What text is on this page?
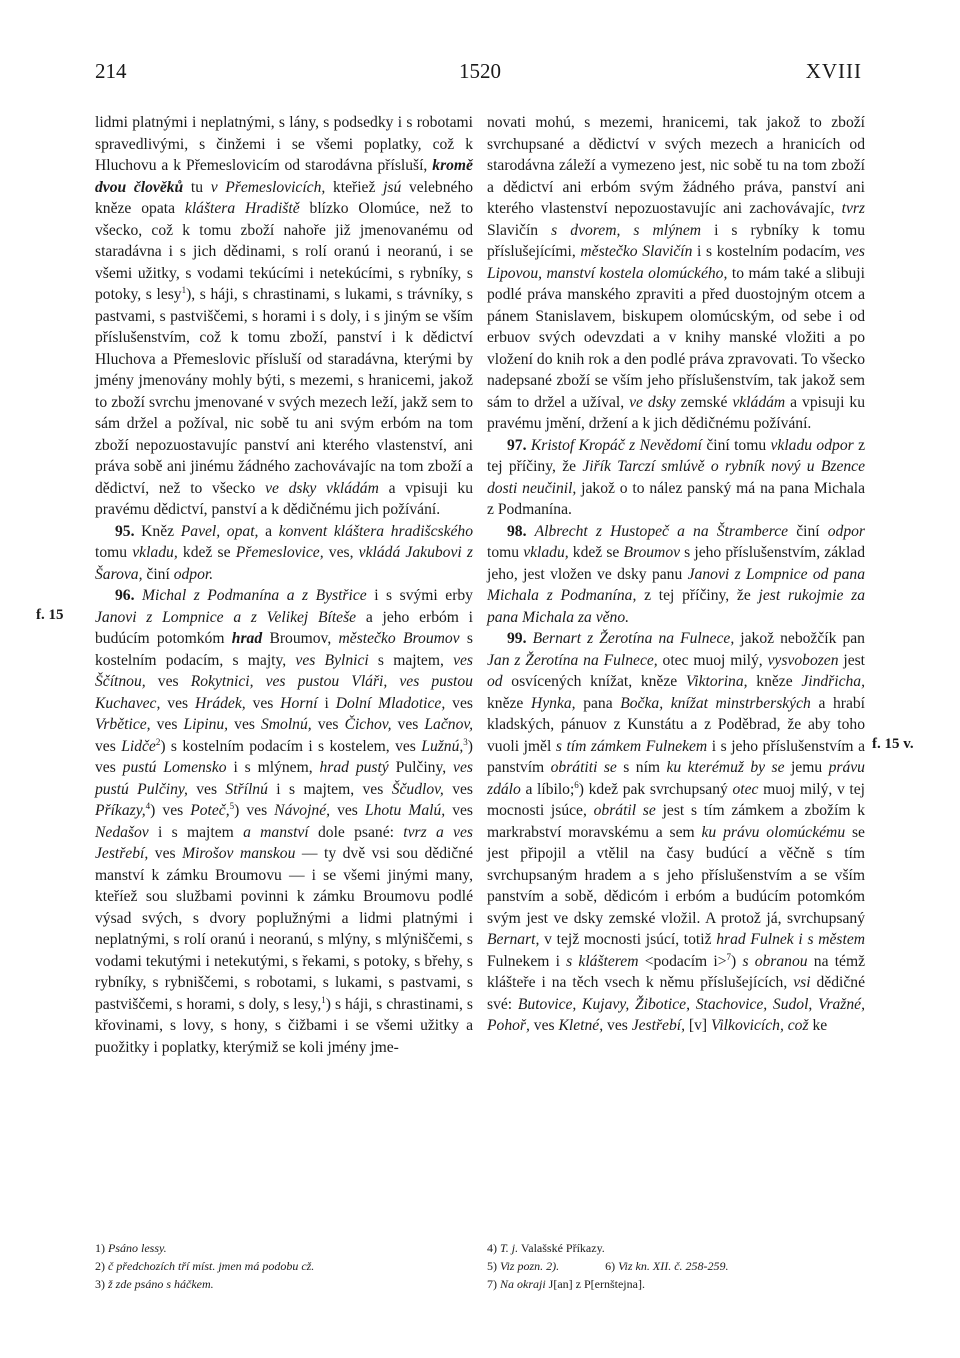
214	1520	XVIII
f. 15
f. 15 v.

lidmi platnými i neplatnými, s lány, s podsedky i s robotami spravedlivými, s činžemi i se všemi poplatky, což k Hluchovu a k Přemeslovicím od starodávna přísluší, kromě dvou člověků tu v Přemeslovicích, kteřiež jsú velebného kněze opata kláštera Hradiště blízko Olomúce, než to všecko, což k tomu zboží nahoře již jmenovanému od staradávna i s jich dědinami, s rolí oranú i neoranú, i se všemi užitky, s vodami tekúcími i netekúcími, s rybníky, s potoky, s lesy$^1$), s háji, s chrastinami, s lukami, s trávníky, s pastvami, s pastviščemi, s horami i s doly, i s jiným se vším příslušenstvím, což k tomu zboží, panství i k dědictví Hluchova a Přemeslovic přísluší od staradávna, kterými by jmény jmenovány mohly býti, s mezemi, s hranicemi, jakož to zboží svrchu jmenované v svých mezech leží, jakž sem to sám držel a požíval, nic sobě tu ani svým erbóm na tom zboží nepozuostavujíc panství ani kterého vlastenství, ani práva sobě ani jinému žádného zachovávajíc na tom zboží a dědictví, než to všecko ve dsky vkládám a vpisuji ku pravému dědictví, panství a k dědičnému jich požívání.

95. Kněz Pavel, opat, a konvent kláštera hradišcského tomu vkladu, kdež se Přemeslovice, ves, vkládá Jakubovi z Šarova, činí odpor.

96. Michal z Podmanína a z Bystřice i s svými erby Janovi z Lompnice a z Velikej Bíteše a jeho erbóm i budúcím potomkóm hrad Broumov, městečko Broumov s kostelním podacím, s majty, ves Bylnici s majtem, ves Ščítnou, ves Rokytnici, ves pustou Vláři, ves pustou Kuchavec, ves Hrádek, ves Horní i Dolní Mladotice, ves Vrbětice, ves Lipinu, ves Smolnú, ves Čichov, ves Lačnov, ves Lidče$^2$) s kostelním podacím i s kostelem, ves Lužnú,$^3$) ves pustú Lomensko i s mlýnem, hrad pustý Pulčiny, ves pustú Pulčiny, ves Střílnú i s majtem, ves Ščudlov, ves Příkazy,$^4$) ves Poteč,$^5$) ves Návojné, ves Lhotu Malú, ves Nedašov i s majtem a manství dole psané: tvrz a ves Jestřebí, ves Mirošov manskou — ty dvě vsi sou dědičné manství k zámku Broumovu — i se všemi jinými many, kteříež sou službami povinni k zámku Broumovu podlé výsad svých, s dvory poplužnými a lidmi platnými i neplatnými, s rolí oranú i neoranú, s mlýny, s mlýniščemi, s vodami tekutými i netekutými, s řekami, s potoky, s břehy, s rybníky, s rybniščemi, s robotami, s lukami, s pastvami, s pastviščemi, s horami, s doly, s lesy,$^1$) s háji, s chrastinami, s křovinami, s lovy, s hony, s čižbami i se všemi užitky a puožitky i poplatky, kterýmiž se koli jmény jme-

novati mohú, s mezemi, hranicemi, tak jakož to zboží svrchupsané a dědictví v svých mezech a hranicích od starodávna záleží a vymezeno jest, nic sobě tu na tom zboží a dědictví ani erbóm svým žádného práva, panství ani kterého vlastenství nepozuostavujíc ani zachovávajíc, tvrz Slavičín s dvorem, s mlýnem i s rybníky k tomu příslušejícími, městečko Slavičín i s kostelním podacím, ves Lipovou, manství kostela olomúckého, to mám také a slibuji podlé práva manského zpraviti a před duostojným otcem a pánem Stanislavem, biskupem olomúcským, od sebe i od erbuov svých odevzdati a v knihy manské vložiti a po vložení do knih rok a den podlé práva zpravovati. To všecko nadepsané zboží se vším jeho příslušenstvím, tak jakož sem sám to držel a užíval, ve dsky zemské vkládám a vpisuji ku pravému jmění, držení a k jich dědičnému požívání.

97. Kristof Kropáč z Nevědomí činí tomu vkladu odpor z tej příčiny, že Jiřík Tarczí smlúvě o rybník nový u Bzence dosti neučinil, jakož o to nález panský má na pana Michala z Podmanína.

98. Albrecht z Hustopeč a na Štramberce činí odpor tomu vkladu, kdež se Broumov s jeho příslušenstvím, základ jeho, jest vložen ve dsky panu Janovi z Lompnice od pana Michala z Podmanína, z tej příčiny, že jest rukojmie za pana Michala za věno.

99. Bernart z Žerotína na Fulnece, jakož nebožčík pan Jan z Žerotína na Fulnece, otec muoj milý, vysvobozen jest od osvícených knížat, kněze Viktorina, kněze Jindřicha, kněze Hynka, pana Bočka, knížat minstrberských a hrabí kladských, pánuov z Kunstátu a z Poděbrad, že aby toho vuoli jměl s tím zámkem Fulnekem i s jeho příslušenstvím a panstvím obrátiti se s ním ku kterémuž by se jemu právu zdálo a líbilo;$^6$) kdež pak svrchupsaný otec muoj milý, v tej mocnosti jsúce, obrátil se jest s tím zámkem a zbožím k markrabství moravskému a sem ku právu olomúckému se jest připojil a vtělil na časy budúcí a věčně s tím svrchupsaným hradem a s jeho příslušenstvím a se vším panstvím a sobě, dědicóm i erbóm a budúcím potomkóm svým jest ve dsky zemské vložil. A protož já, svrchupsaný Bernart, v tejž mocnosti jsúcí, totiž hrad Fulnek i s městem Fulnekem i s klášterem <podacím i>$^7$) s obranou na témž klášteře i na těch vsech k němu příslušejících, vsi dědičné své: Butovice, Kujavy, Žibotice, Stachovice, Sudol, Vražné, Pohoř, ves Kletné, ves Jestřebí, [v] Vilkovicích, což ke

1) Psáno lessy.
2) č předchozích tří míst. jmen má podobu cž.
3) ž zde psáno s háčkem.
4) T. j. Valašské Příkazy.
5) Viz pozn. 2).	6) Viz kn. XII. č. 258-259.
7) Na okraji J[an] z P[ernštejna].
